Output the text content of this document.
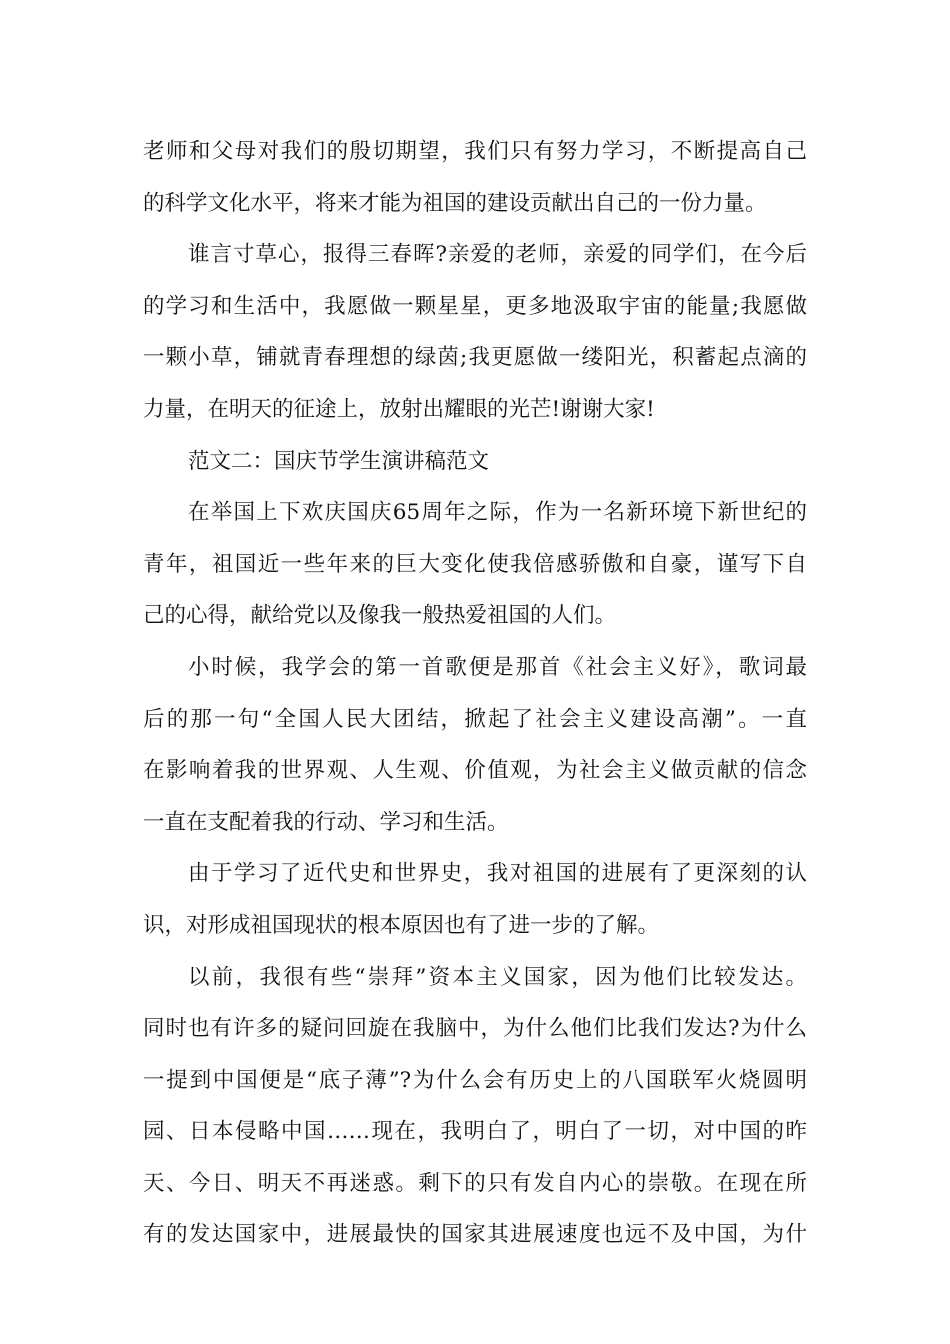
老师和父母对我们的殷切期望，我们只有努力学习，不断提高自己
的科学文化水平，将来才能为祖国的建设贡献出自己的一份力量。
谁言寸草心，报得三春晖?亲爱的老师，亲爱的同学们，在今后
的学习和生活中，我愿做一颗星星，更多地汲取宇宙的能量;我愿做
一颗小草，铺就青春理想的绿茵;我更愿做一缕阳光，积蓄起点滴的
力量，在明天的征途上，放射出耀眼的光芒!谢谢大家!
范文二：国庆节学生演讲稿范文
在举国上下欢庆国庆65周年之际，作为一名新环境下新世纪的
青年，祖国近一些年来的巨大变化使我倍感骄傲和自豪，谨写下自
己的心得，献给党以及像我一般热爱祖国的人们。
小时候，我学会的第一首歌便是那首《社会主义好》，歌词最
后的那一句“全国人民大团结，掀起了社会主义建设高潮”。一直
在影响着我的世界观、人生观、价值观，为社会主义做贡献的信念
一直在支配着我的行动、学习和生活。
由于学习了近代史和世界史，我对祖国的进展有了更深刻的认
识，对形成祖国现状的根本原因也有了进一步的了解。
以前，我很有些“崇拜”资本主义国家，因为他们比较发达。
同时也有许多的疑问回旋在我脑中，为什么他们比我们发达?为什么
一提到中国便是“底子薄”?为什么会有历史上的八国联军火烧圆明
园、日本侵略中国……现在，我明白了，明白了一切，对中国的昨
天、今日、明天不再迷惑。剩下的只有发自内心的崇敬。在现在所
有的发达国家中，进展最快的国家其进展速度也远不及中国，为什
